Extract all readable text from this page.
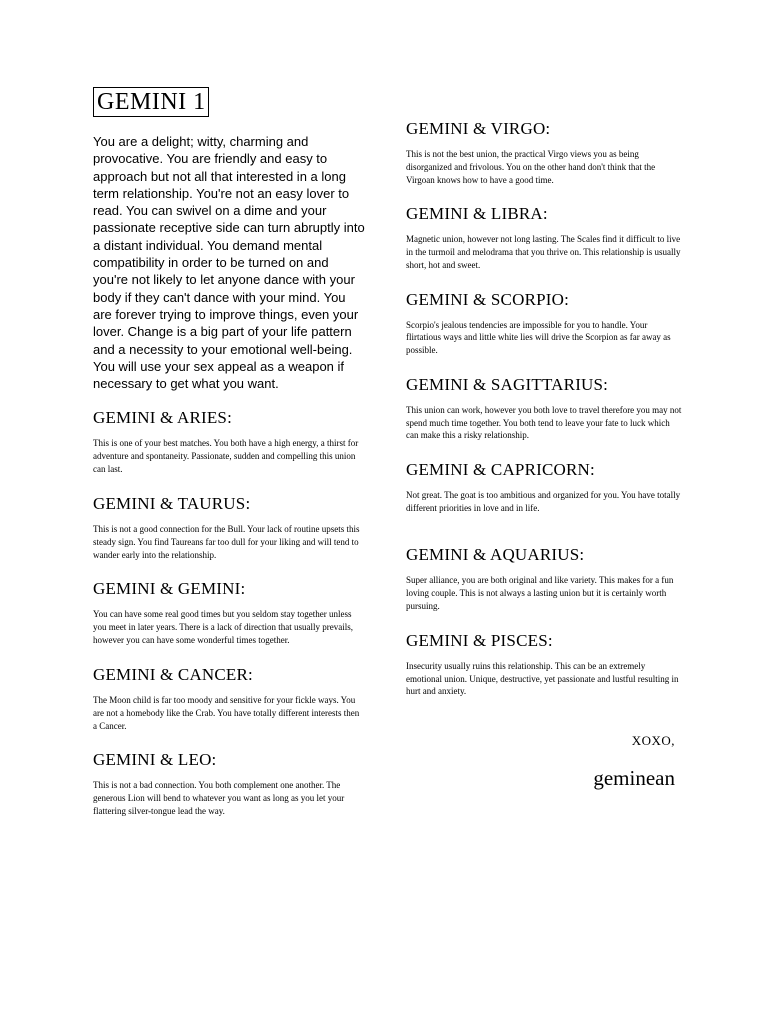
GEMINI 1

You are a delight; witty, charming and provocative. You are friendly and easy to approach but not all that interested in a long term relationship. You're not an easy lover to read. You can swivel on a dime and your passionate receptive side can turn abruptly into a distant individual. You demand mental compatibility in order to be turned on and you're not likely to let anyone dance with your body if they can't dance with your mind. You are forever trying to improve things, even your lover. Change is a big part of your life pattern and a necessity to your emotional well-being. You will use your sex appeal as a weapon if necessary to get what you want.

GEMINI & ARIES:

This is one of your best matches. You both have a high energy, a thirst for adventure and spontaneity. Passionate, sudden and compelling this union can last.

GEMINI & TAURUS:

This is not a good connection for the Bull. Your lack of routine upsets this steady sign. You find Taureans far too dull for your liking and will tend to wander early into the relationship.

GEMINI & GEMINI:

You can have some real good times but you seldom stay together unless you meet in later years. There is a lack of direction that usually prevails, however you can have some wonderful times together.

GEMINI & CANCER:

The Moon child is far too moody and sensitive for your fickle ways. You are not a homebody like the Crab. You have totally different interests then a Cancer.

GEMINI & LEO:

This is not a bad connection. You both complement one another. The generous Lion will bend to whatever you want as long as you let your flattering silver-tongue lead the way.

GEMINI & VIRGO:

This is not the best union, the practical Virgo views you as being disorganized and frivolous. You on the other hand don't think that the Virgoan knows how to have a good time.

GEMINI & LIBRA:

Magnetic union, however not long lasting. The Scales find it difficult to live in the turmoil and melodrama that you thrive on. This relationship is usually short, hot and sweet.

GEMINI & SCORPIO:

Scorpio's jealous tendencies are impossible for you to handle. Your flirtatious ways and little white lies will drive the Scorpion as far away as possible.

GEMINI & SAGITTARIUS:

This union can work, however you both love to travel therefore you may not spend much time together. You both tend to leave your fate to luck which can make this a risky relationship.

GEMINI & CAPRICORN:

Not great. The goat is too ambitious and organized for you. You have totally different priorities in love and in life.

GEMINI & AQUARIUS:

Super alliance, you are both original and like variety. This makes for a fun loving couple. This is not always a lasting union but it is certainly worth pursuing.

GEMINI & PISCES:

Insecurity usually ruins this relationship. This can be an extremely emotional union. Unique, destructive, yet passionate and lustful resulting in hurt and anxiety.

XOXO,

geminean
